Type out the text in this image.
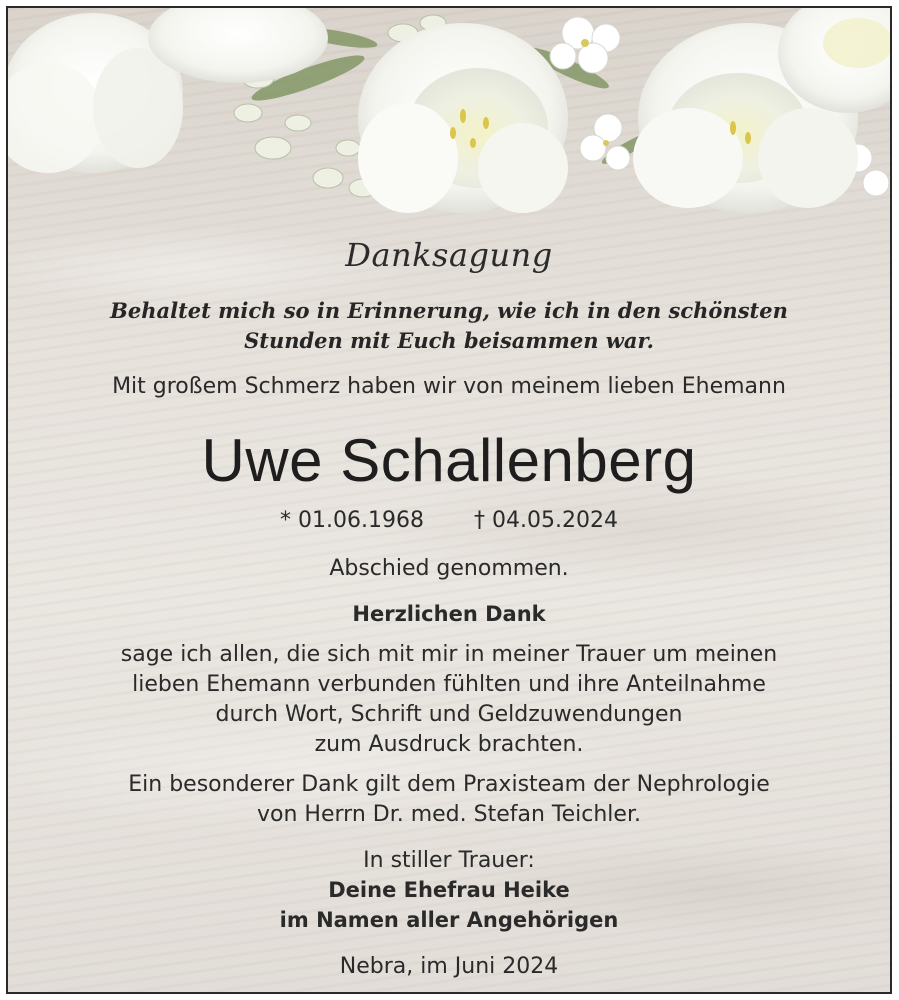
Danksagung
Behaltet mich so in Erinnerung, wie ich in den schönsten
Stunden mit Euch beisammen war.
Mit großem Schmerz haben wir von meinem lieben Ehemann
Uwe Schallenberg
* 01.06.1968 † 04.05.2024
Abschied genommen.
Herzlichen Dank
sage ich allen, die sich mit mir in meiner Trauer um meinen
lieben Ehemann verbunden fühlten und ihre Anteilnahme
durch Wort, Schrift und Geldzuwendungen
zum Ausdruck brachten.
Ein besonderer Dank gilt dem Praxisteam der Nephrologie
von Herrn Dr. med. Stefan Teichler.
In stiller Trauer:
Deine Ehefrau Heike
im Namen aller Angehörigen
Nebra, im Juni 2024
